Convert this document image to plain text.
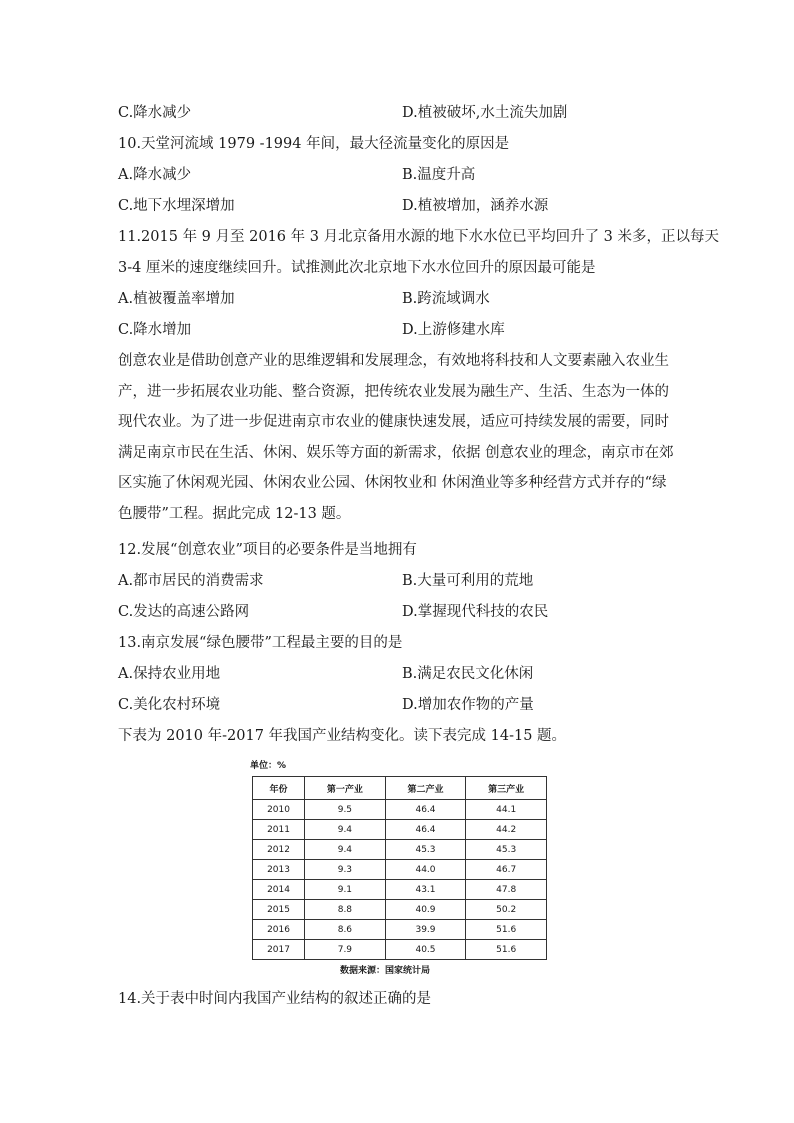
C.降水减少	D.植被破坏,水土流失加剧
10.天堂河流域 1979 -1994 年间，最大径流量变化的原因是
A.降水减少	B.温度升高
C.地下水埋深增加	D.植被增加，涵养水源
11.2015 年 9 月至 2016 年 3 月北京备用水源的地下水水位已平均回升了 3 米多，正以每天
3-4 厘米的速度继续回升。试推测此次北京地下水水位回升的原因最可能是
A.植被覆盖率增加	B.跨流域调水
C.降水增加	D.上游修建水库
创意农业是借助创意产业的思维逻辑和发展理念，有效地将科技和人文要素融入农业生产，进一步拓展农业功能、整合资源，把传统农业发展为融生产、生活、生态为一体的现代农业。为了进一步促进南京市农业的健康快速发展，适应可持续发展的需要，同时满足南京市民在生活、休闲、娱乐等方面的新需求，依据 创意农业的理念，南京市在郊区实施了休闲观光园、休闲农业公园、休闲牧业和 休闲渔业等多种经营方式并存的“绿色腰带”工程。据此完成 12-13 题。
12.发展“创意农业”项目的必要条件是当地拥有
A.都市居民的消费需求	B.大量可利用的荒地
C.发达的高速公路网	D.掌握现代科技的农民
13.南京发展“绿色腰带”工程最主要的目的是
A.保持农业用地	B.满足农民文化休闲
C.美化农村环境	D.增加农作物的产量
下表为 2010 年-2017 年我国产业结构变化。读下表完成 14-15 题。
单位：%
年份	第一产业	第二产业	第三产业
2010	9.5	46.4	44.1
2011	9.4	46.4	44.2
2012	9.4	45.3	45.3
2013	9.3	44.0	46.7
2014	9.1	43.1	47.8
2015	8.8	40.9	50.2
2016	8.6	39.9	51.6
2017	7.9	40.5	51.6
数据来源：国家统计局
14.关于表中时间内我国产业结构的叙述正确的是
